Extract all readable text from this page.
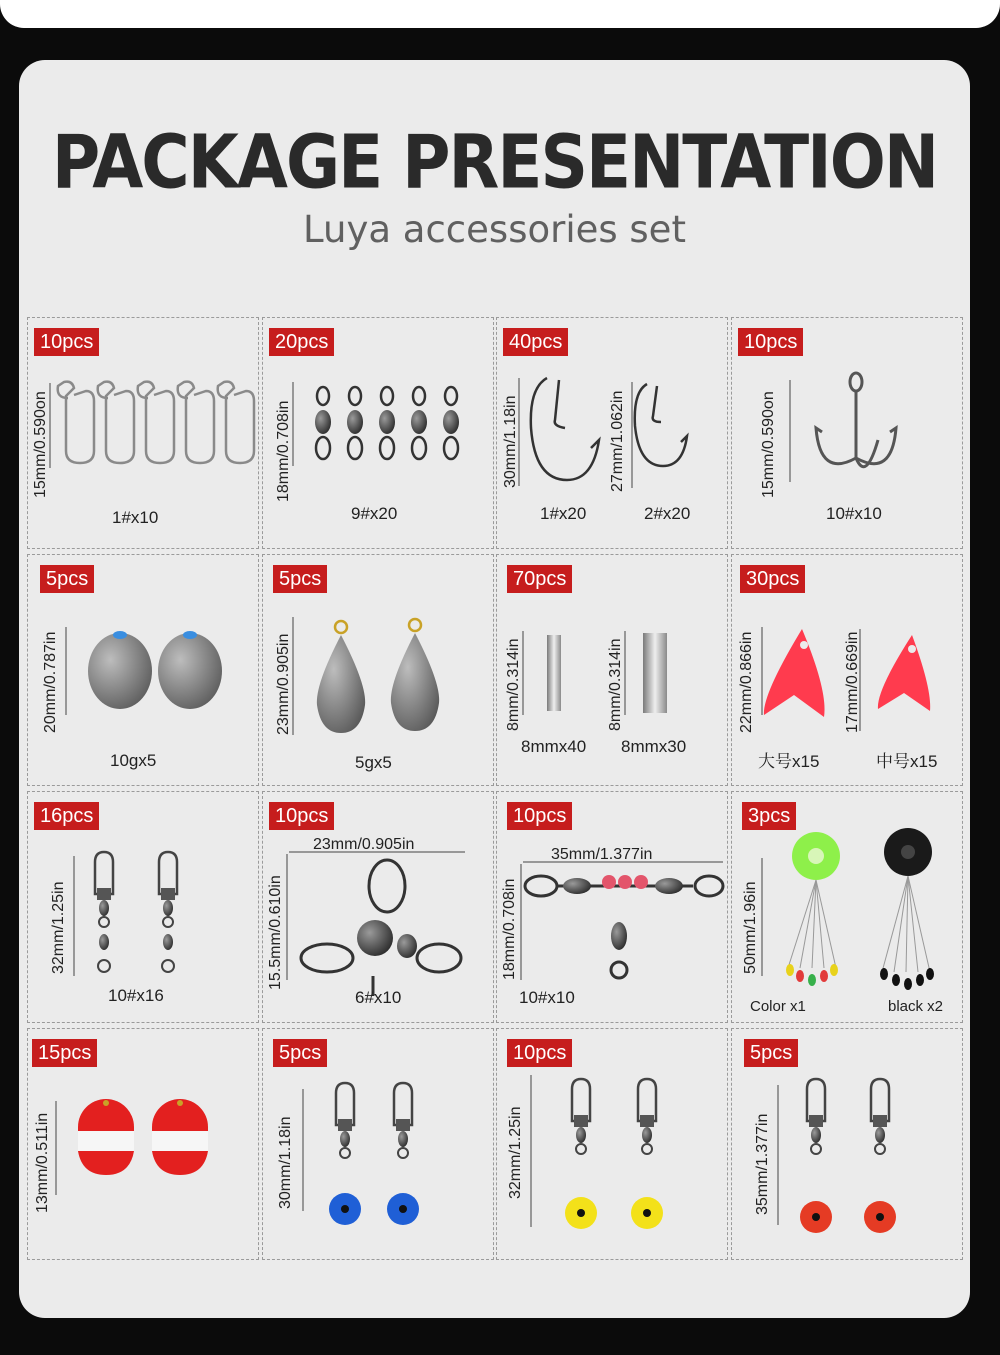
PACKAGE PRESENTATION
Luya accessories set
10pcs
15mm/0.590on
1#x10
20pcs
18mm/0.708in
9#x20
40pcs
30mm/1.18in	27mm/1.062in
1#x20	2#x20
10pcs
15mm/0.590on
10#x10
5pcs
20mm/0.787in
10gx5
5pcs
23mm/0.905in
5gx5
70pcs
8mm/0.314in	8mm/0.314in
8mmx40 8mmx30
30pcs
22mm/0.866in	17mm/0.669in
大号x15	中号x15
16pcs
32mm/1.25in
10#x16
10pcs
23mm/0.905in
15.5mm/0.610in
6#x10
10pcs
35mm/1.377in
18mm/0.708in
10#x10
3pcs
50mm/1.96in
Color x1	black x2
15pcs
13mm/0.511in
5pcs
30mm/1.18in
10pcs
32mm/1.25in
5pcs
35mm/1.377in
